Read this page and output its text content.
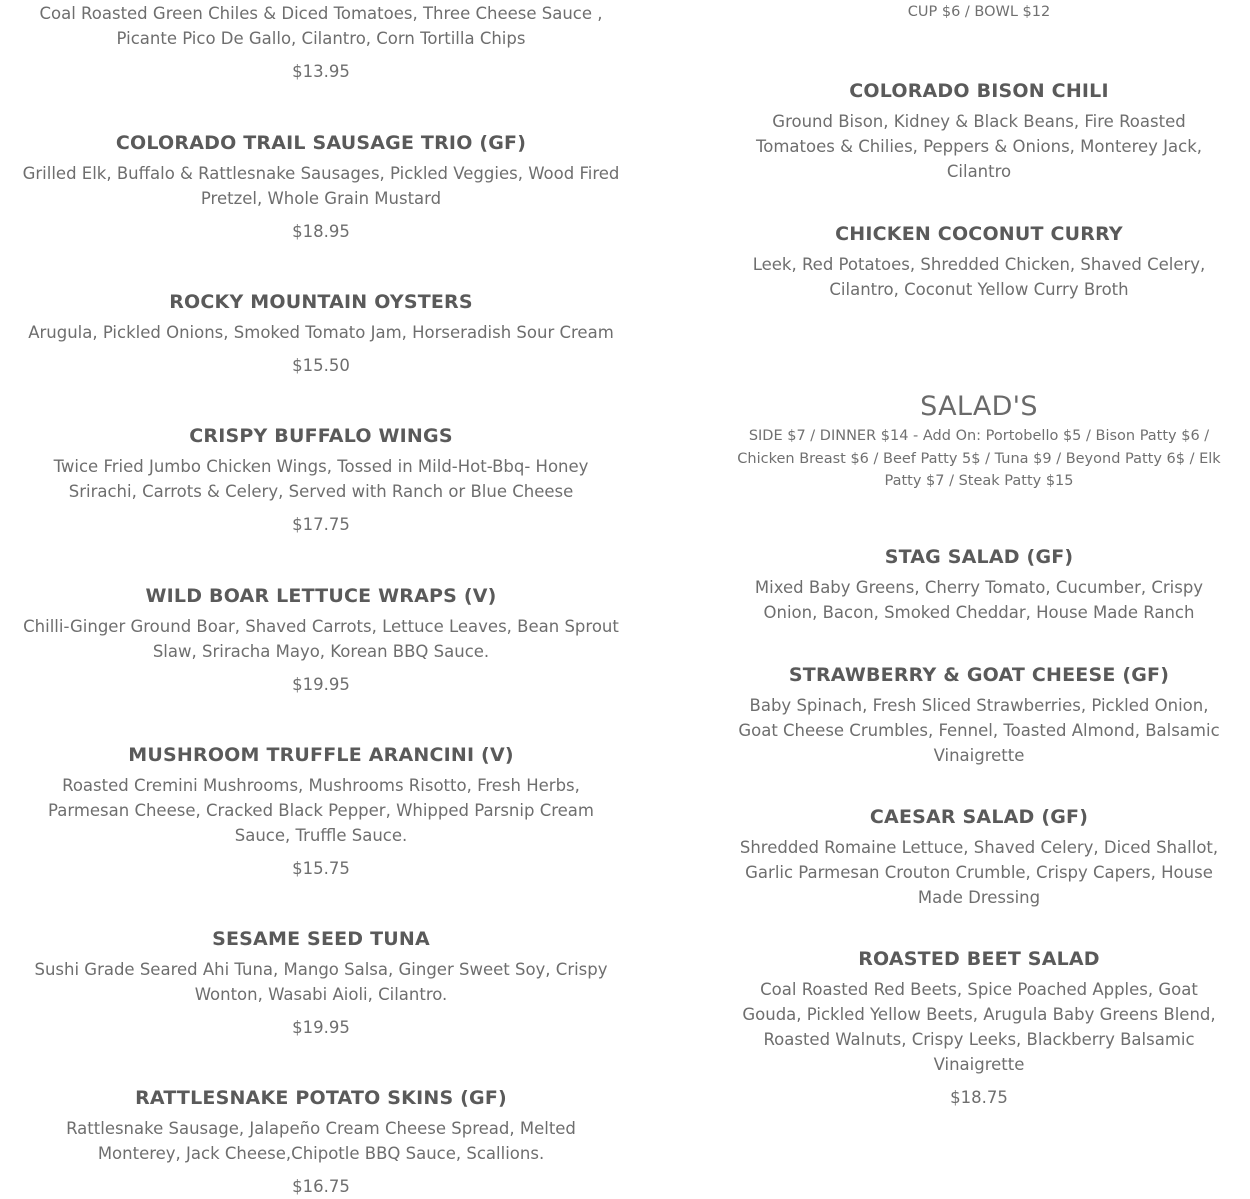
Coal Roasted Green Chiles & Diced Tomatoes, Three Cheese Sauce , Picante Pico De Gallo, Cilantro, Corn Tortilla Chips

$13.95

COLORADO TRAIL SAUSAGE TRIO (GF)

Grilled Elk, Buffalo & Rattlesnake Sausages, Pickled Veggies, Wood Fired Pretzel, Whole Grain Mustard

$18.95

ROCKY MOUNTAIN OYSTERS

Arugula, Pickled Onions, Smoked Tomato Jam, Horseradish Sour Cream

$15.50

CRISPY BUFFALO WINGS

Twice Fried Jumbo Chicken Wings, Tossed in Mild-Hot-Bbq- Honey Srirachi, Carrots & Celery, Served with Ranch or Blue Cheese

$17.75

WILD BOAR LETTUCE WRAPS (V)

Chilli-Ginger Ground Boar, Shaved Carrots, Lettuce Leaves, Bean Sprout Slaw, Sriracha Mayo, Korean BBQ Sauce.

$19.95

MUSHROOM TRUFFLE ARANCINI (V)

Roasted Cremini Mushrooms, Mushrooms Risotto, Fresh Herbs, Parmesan Cheese, Cracked Black Pepper, Whipped Parsnip Cream Sauce, Truffle Sauce.

$15.75

SESAME SEED TUNA

Sushi Grade Seared Ahi Tuna, Mango Salsa, Ginger Sweet Soy, Crispy Wonton, Wasabi Aioli, Cilantro.

$19.95

RATTLESNAKE POTATO SKINS (GF)

Rattlesnake Sausage, Jalapeño Cream Cheese Spread, Melted Monterey, Jack Cheese,Chipotle BBQ Sauce, Scallions.

$16.75

CUP $6 / BOWL $12

COLORADO BISON CHILI

Ground Bison, Kidney & Black Beans, Fire Roasted Tomatoes & Chilies, Peppers & Onions, Monterey Jack, Cilantro

CHICKEN COCONUT CURRY

Leek, Red Potatoes, Shredded Chicken, Shaved Celery, Cilantro, Coconut Yellow Curry Broth

SALAD'S

SIDE $7 / DINNER $14 - Add On: Portobello $5 / Bison Patty $6 / Chicken Breast $6 / Beef Patty 5$ / Tuna $9 / Beyond Patty 6$ / Elk Patty $7 / Steak Patty $15

STAG SALAD (GF)

Mixed Baby Greens, Cherry Tomato, Cucumber, Crispy Onion, Bacon, Smoked Cheddar, House Made Ranch

STRAWBERRY & GOAT CHEESE (GF)

Baby Spinach, Fresh Sliced Strawberries, Pickled Onion, Goat Cheese Crumbles, Fennel, Toasted Almond, Balsamic Vinaigrette

CAESAR SALAD (GF)

Shredded Romaine Lettuce, Shaved Celery, Diced Shallot, Garlic Parmesan Crouton Crumble, Crispy Capers, House Made Dressing

ROASTED BEET SALAD

Coal Roasted Red Beets, Spice Poached Apples, Goat Gouda, Pickled Yellow Beets, Arugula Baby Greens Blend, Roasted Walnuts, Crispy Leeks, Blackberry Balsamic Vinaigrette

$18.75
